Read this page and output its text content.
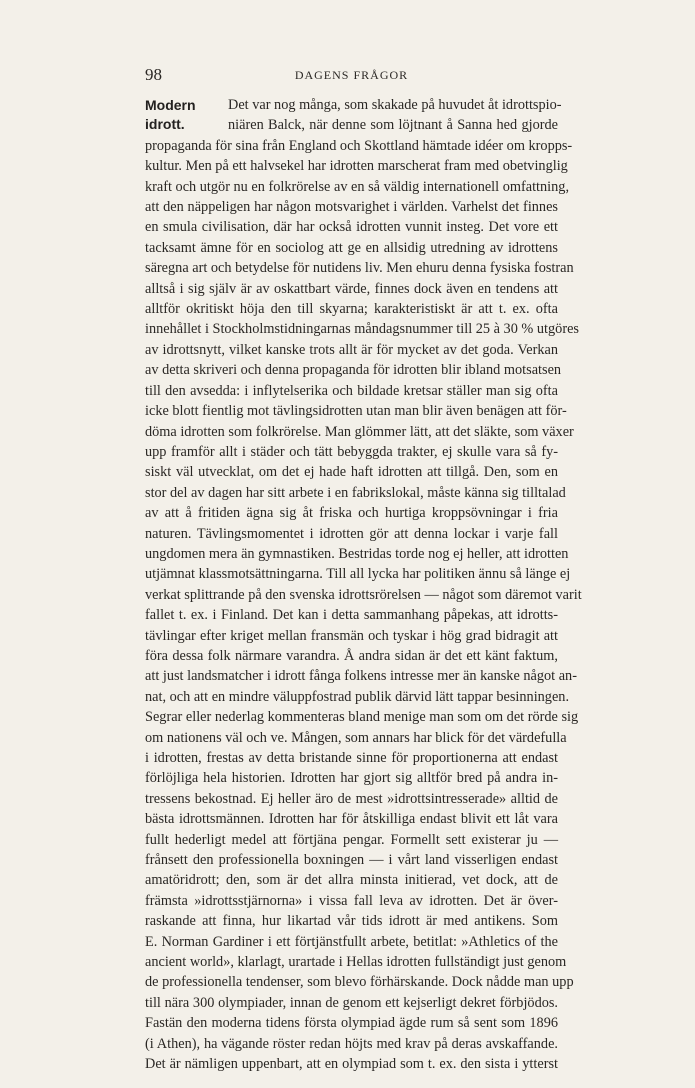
98	DAGENS FRÅGOR
Modern
idrott.
Det var nog många, som skakade på huvudet åt idrottspio-
niären Balck, när denne som löjtnant å Sanna hed gjorde
propaganda för sina från England och Skottland hämtade idéer om kropps-
kultur. Men på ett halvsekel har idrotten marscherat fram med obetvinglig
kraft och utgör nu en folkrörelse av en så väldig internationell omfattning,
att den näppeligen har någon motsvarighet i världen. Varhelst det finnes
en smula civilisation, där har också idrotten vunnit insteg. Det vore ett
tacksamt ämne för en sociolog att ge en allsidig utredning av idrottens
säregna art och betydelse för nutidens liv. Men ehuru denna fysiska fostran
alltså i sig själv är av oskattbart värde, finnes dock även en tendens att
alltför okritiskt höja den till skyarna; karakteristiskt är att t. ex. ofta
innehållet i Stockholmstidningarnas måndagsnummer till 25 à 30 % utgöres
av idrottsnytt, vilket kanske trots allt är för mycket av det goda. Verkan
av detta skriveri och denna propaganda för idrotten blir ibland motsatsen
till den avsedda: i inflytelserika och bildade kretsar ställer man sig ofta
icke blott fientlig mot tävlingsidrotten utan man blir även benägen att för-
döma idrotten som folkrörelse. Man glömmer lätt, att det släkte, som växer
upp framför allt i städer och tätt bebyggda trakter, ej skulle vara så fy-
siskt väl utvecklat, om det ej hade haft idrotten att tillgå. Den, som en
stor del av dagen har sitt arbete i en fabrikslokal, måste känna sig tilltalad
av att å fritiden ägna sig åt friska och hurtiga kroppsövningar i fria
naturen. Tävlingsmomentet i idrotten gör att denna lockar i varje fall
ungdomen mera än gymnastiken. Bestridas torde nog ej heller, att idrotten
utjämnat klassmotsättningarna. Till all lycka har politiken ännu så länge ej
verkat splittrande på den svenska idrottsrörelsen — något som däremot varit
fallet t. ex. i Finland. Det kan i detta sammanhang påpekas, att idrotts-
tävlingar efter kriget mellan fransmän och tyskar i hög grad bidragit att
föra dessa folk närmare varandra. Å andra sidan är det ett känt faktum,
att just landsmatcher i idrott fånga folkens intresse mer än kanske något an-
nat, och att en mindre väluppfostrad publik därvid lätt tappar besinningen.
Segrar eller nederlag kommenteras bland menige man som om det rörde sig
om nationens väl och ve. Mången, som annars har blick för det värdefulla
i idrotten, frestas av detta bristande sinne för proportionerna att endast
förlöjliga hela historien. Idrotten har gjort sig alltför bred på andra in-
tressens bekostnad. Ej heller äro de mest »idrottsintresserade» alltid de
bästa idrottsmännen. Idrotten har för åtskilliga endast blivit ett låt vara
fullt hederligt medel att förtjäna pengar. Formellt sett existerar ju —
frånsett den professionella boxningen — i vårt land visserligen endast
amatöridrott; den, som är det allra minsta initierad, vet dock, att de
främsta »idrottsstjärnorna» i vissa fall leva av idrotten. Det är över-
raskande att finna, hur likartad vår tids idrott är med antikens. Som
E. Norman Gardiner i ett förtjänstfullt arbete, betitlat: »Athletics of the
ancient world», klarlagt, urartade i Hellas idrotten fullständigt just genom
de professionella tendenser, som blevo förhärskande. Dock nådde man upp
till nära 300 olympiader, innan de genom ett kejserligt dekret förbjödos.
Fastän den moderna tidens första olympiad ägde rum så sent som 1896
(i Athen), ha vägande röster redan höjts med krav på deras avskaffande.
Det är nämligen uppenbart, att en olympiad som t. ex. den sista i ytterst
